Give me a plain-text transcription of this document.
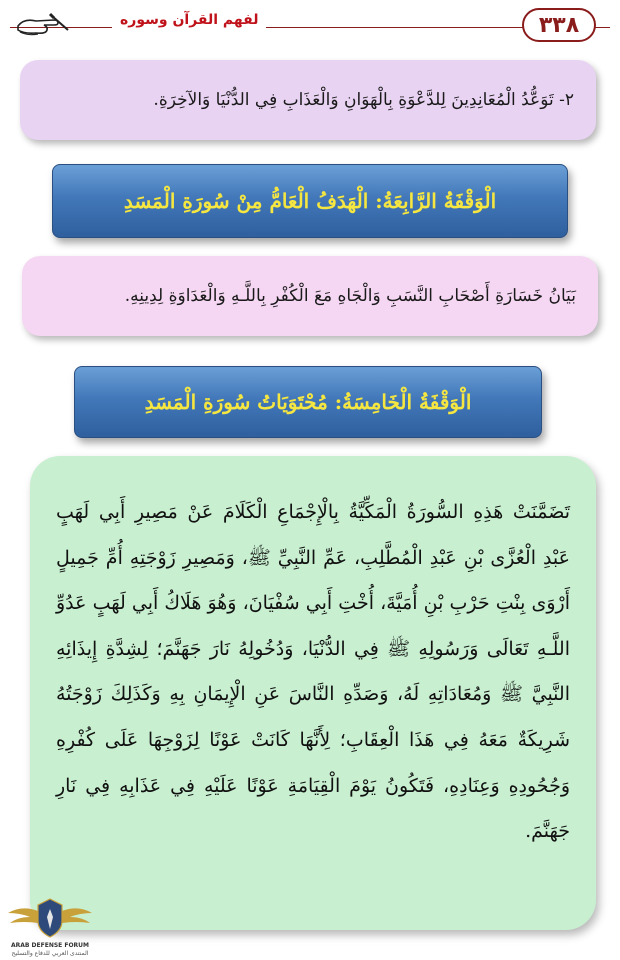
٣٣٨
لفهم القرآن وسوره
٢- تَوَعُّدُ الْمُعَانِدِينَ لِلدَّعْوَةِ بِالْهَوَانِ وَالْعَذَابِ فِي الدُّنْيَا وَالآخِرَةِ.
الْوَقْفَةُ الرَّابِعَةُ: الْهَدَفُ الْعَامُّ مِنْ سُورَةِ الْمَسَدِ
بَيَانُ خَسَارَةِ أَصْحَابِ النَّسَبِ وَالْجَاهِ مَعَ الْكُفْرِ بِاللَّـهِ وَالْعَدَاوَةِ لِدِينِهِ.
الْوَقْفَةُ الْخَامِسَةُ: مُحْتَوَيَاتُ سُورَةِ الْمَسَدِ

تَضَمَّنَتْ هَذِهِ السُّورَةُ الْمَكِّيَّةُ بِالْإِجْمَاعِ الْكَلَامَ عَنْ مَصِيرِ أَبِي لَهَبٍ عَبْدِ الْعُزَّى بْنِ عَبْدِ الْمُطَّلِبِ، عَمِّ النَّبِيِّ ﷺ، وَمَصِيرِ زَوْجَتِهِ أُمِّ جَمِيلٍ أَرْوَى بِنْتِ حَرْبِ بْنِ أُمَيَّةَ، أُخْتِ أَبِي سُفْيَانَ، وَهُوَ هَلَاكُ أَبِي لَهَبٍ عَدُوِّ اللَّـهِ تَعَالَى وَرَسُولِهِ ﷺ فِي الدُّنْيَا، وَدُخُولِهُ نَارَ جَهَنَّمَ؛ لِشِدَّةِ إِيذَائِهِ النَّبِيَّ ﷺ وَمُعَادَاتِهِ لَهُ، وَصَدِّهِ النَّاسَ عَنِ الْإِيمَانِ بِهِ وَكَذَلِكَ زَوْجَتُهُ شَرِيكَةٌ مَعَهُ فِي هَذَا الْعِقَابِ؛ لِأَنَّهَا كَانَتْ عَوْنًا لِزَوْجِهَا عَلَى كُفْرِهِ وَجُحُودِهِ وَعِنَادِهِ، فَتَكُونُ يَوْمَ الْقِيَامَةِ عَوْنًا عَلَيْهِ فِي عَذَابِهِ فِي نَارِ جَهَنَّمَ.

ARAB DEFENSE FORUM
المنتدى العربي للدفاع والتسليح
